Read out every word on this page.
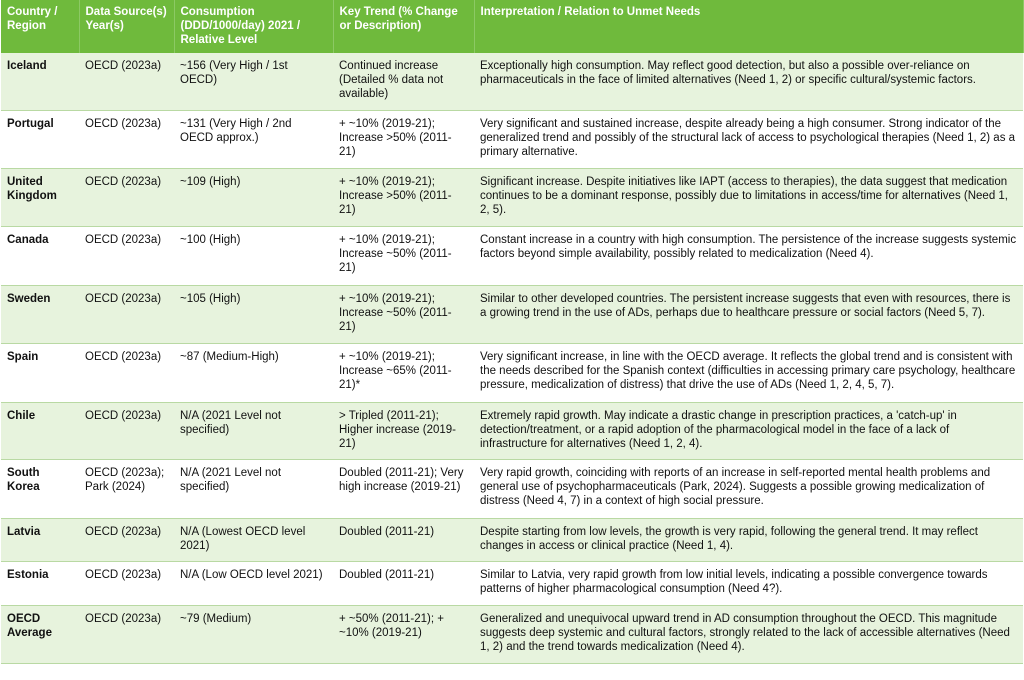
Country / Region	Data Source(s) Year(s)	Consumption (DDD/1000/day) 2021 / Relative Level	Key Trend (% Change or Description)	Interpretation / Relation to Unmet Needs
Iceland	OECD (2023a)	~156 (Very High / 1st OECD)	Continued increase (Detailed % data not available)	Exceptionally high consumption. May reflect good detection, but also a possible over-reliance on pharmaceuticals in the face of limited alternatives (Need 1, 2) or specific cultural/systemic factors.
Portugal	OECD (2023a)	~131 (Very High / 2nd OECD approx.)	+ ~10% (2019-21); Increase >50% (2011-21)	Very significant and sustained increase, despite already being a high consumer. Strong indicator of the generalized trend and possibly of the structural lack of access to psychological therapies (Need 1, 2) as a primary alternative.
United Kingdom	OECD (2023a)	~109 (High)	+ ~10% (2019-21); Increase >50% (2011-21)	Significant increase. Despite initiatives like IAPT (access to therapies), the data suggest that medication continues to be a dominant response, possibly due to limitations in access/time for alternatives (Need 1, 2, 5).
Canada	OECD (2023a)	~100 (High)	+ ~10% (2019-21); Increase ~50% (2011-21)	Constant increase in a country with high consumption. The persistence of the increase suggests systemic factors beyond simple availability, possibly related to medicalization (Need 4).
Sweden	OECD (2023a)	~105 (High)	+ ~10% (2019-21); Increase ~50% (2011-21)	Similar to other developed countries. The persistent increase suggests that even with resources, there is a growing trend in the use of ADs, perhaps due to healthcare pressure or social factors (Need 5, 7).
Spain	OECD (2023a)	~87 (Medium-High)	+ ~10% (2019-21); Increase ~65% (2011-21)*	Very significant increase, in line with the OECD average. It reflects the global trend and is consistent with the needs described for the Spanish context (difficulties in accessing primary care psychology, healthcare pressure, medicalization of distress) that drive the use of ADs (Need 1, 2, 4, 5, 7).
Chile	OECD (2023a)	N/A (2021 Level not specified)	> Tripled (2011-21); Higher increase (2019-21)	Extremely rapid growth. May indicate a drastic change in prescription practices, a 'catch-up' in detection/treatment, or a rapid adoption of the pharmacological model in the face of a lack of infrastructure for alternatives (Need 1, 2, 4).
South Korea	OECD (2023a); Park (2024)	N/A (2021 Level not specified)	Doubled (2011-21); Very high increase (2019-21)	Very rapid growth, coinciding with reports of an increase in self-reported mental health problems and general use of psychopharmaceuticals (Park, 2024). Suggests a possible growing medicalization of distress (Need 4, 7) in a context of high social pressure.
Latvia	OECD (2023a)	N/A (Lowest OECD level 2021)	Doubled (2011-21)	Despite starting from low levels, the growth is very rapid, following the general trend. It may reflect changes in access or clinical practice (Need 1, 4).
Estonia	OECD (2023a)	N/A (Low OECD level 2021)	Doubled (2011-21)	Similar to Latvia, very rapid growth from low initial levels, indicating a possible convergence towards patterns of higher pharmacological consumption (Need 4?).
OECD Average	OECD (2023a)	~79 (Medium)	+ ~50% (2011-21); + ~10% (2019-21)	Generalized and unequivocal upward trend in AD consumption throughout the OECD. This magnitude suggests deep systemic and cultural factors, strongly related to the lack of accessible alternatives (Need 1, 2) and the trend towards medicalization (Need 4).
